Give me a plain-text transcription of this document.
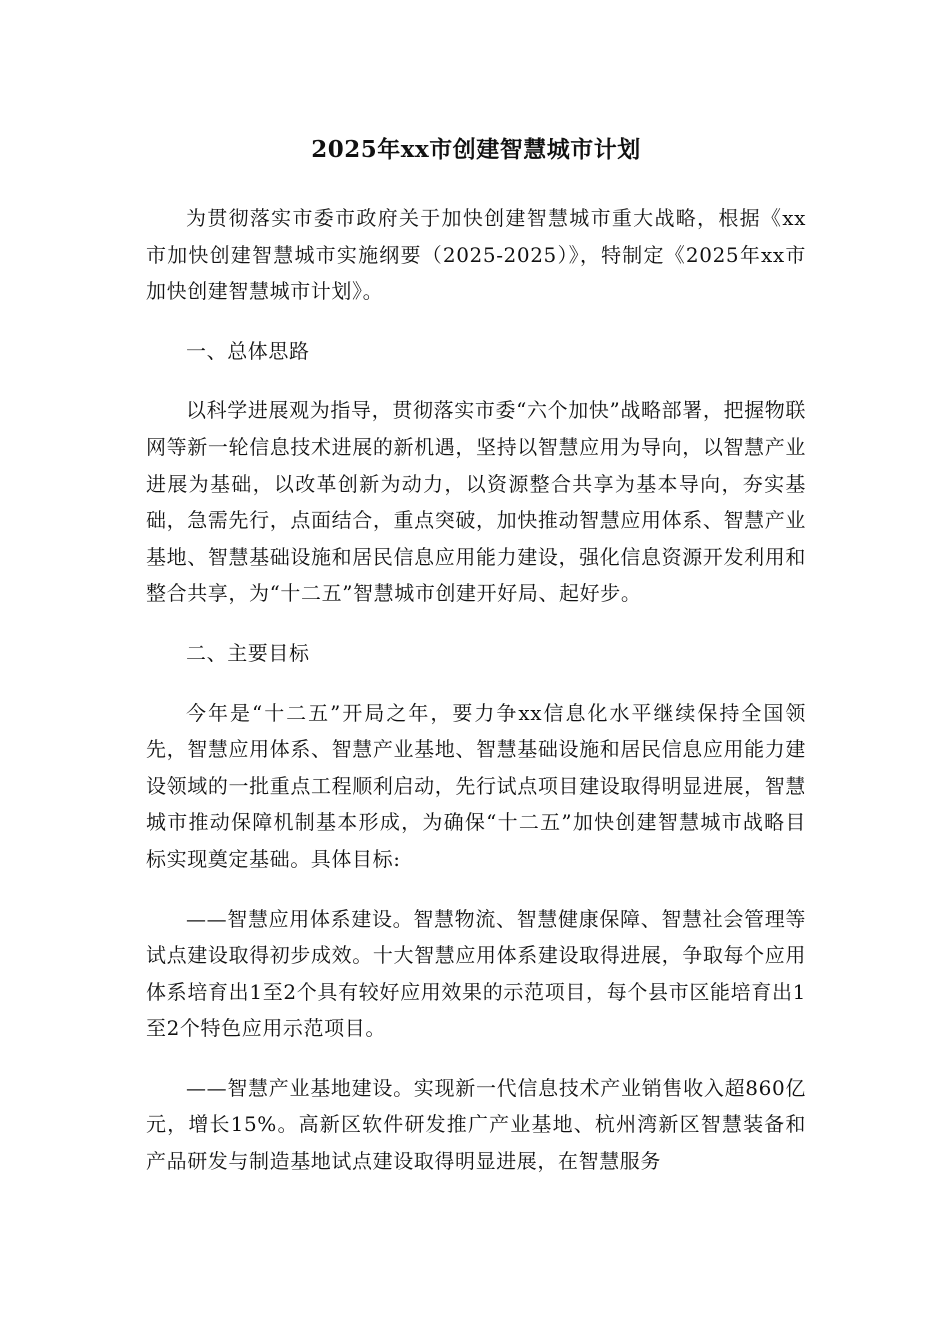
2025年xx市创建智慧城市计划
为贯彻落实市委市政府关于加快创建智慧城市重大战略，根据《xx市加快创建智慧城市实施纲要（2025-2025）》，特制定《2025年xx市加快创建智慧城市计划》。
一、总体思路
以科学进展观为指导，贯彻落实市委“六个加快”战略部署，把握物联网等新一轮信息技术进展的新机遇，坚持以智慧应用为导向，以智慧产业进展为基础，以改革创新为动力，以资源整合共享为基本导向，夯实基础，急需先行，点面结合，重点突破，加快推动智慧应用体系、智慧产业基地、智慧基础设施和居民信息应用能力建设，强化信息资源开发利用和整合共享，为“十二五”智慧城市创建开好局、起好步。
二、主要目标
今年是“十二五”开局之年，要力争xx信息化水平继续保持全国领先，智慧应用体系、智慧产业基地、智慧基础设施和居民信息应用能力建设领域的一批重点工程顺利启动，先行试点项目建设取得明显进展，智慧城市推动保障机制基本形成，为确保“十二五”加快创建智慧城市战略目标实现奠定基础。具体目标:
——智慧应用体系建设。智慧物流、智慧健康保障、智慧社会管理等试点建设取得初步成效。十大智慧应用体系建设取得进展，争取每个应用体系培育出1至2个具有较好应用效果的示范项目，每个县市区能培育出1至2个特色应用示范项目。
——智慧产业基地建设。实现新一代信息技术产业销售收入超860亿元，增长15%。高新区软件研发推广产业基地、杭州湾新区智慧装备和产品研发与制造基地试点建设取得明显进展，在智慧服务
